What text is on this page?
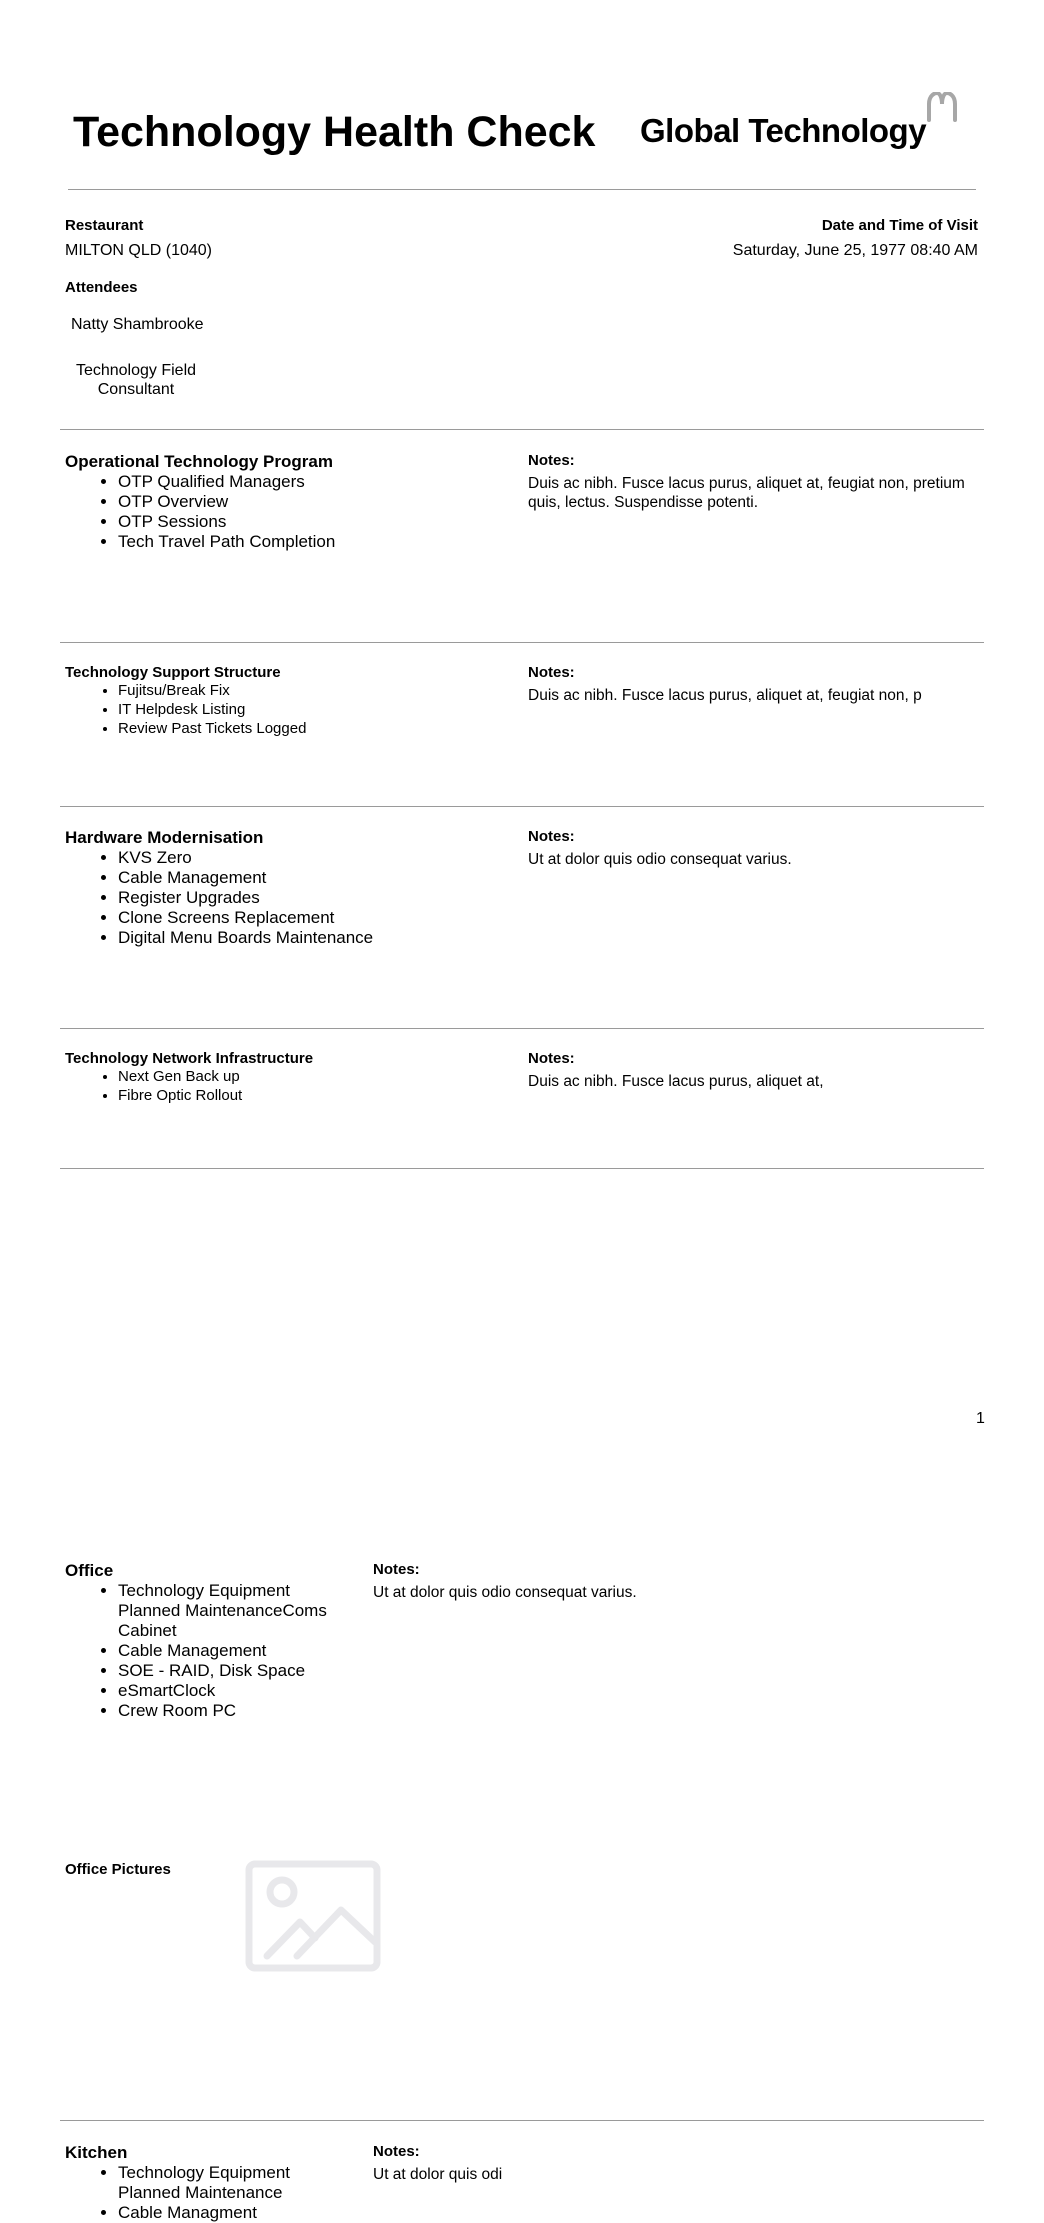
Technology Health Check Global Technology
Restaurant
MILTON QLD (1040)
Date and Time of Visit
Saturday, June 25, 1977 08:40 AM
Attendees
Natty Shambrooke
Technology Field
Consultant
Operational Technology Program
• OTP Qualified Managers
• OTP Overview
• OTP Sessions
• Tech Travel Path Completion
Notes:
Duis ac nibh. Fusce lacus purus, aliquet at, feugiat non, pretium
quis, lectus. Suspendisse potenti.
Technology Support Structure
• Fujitsu/Break Fix
• IT Helpdesk Listing
• Review Past Tickets Logged
Notes:
Duis ac nibh. Fusce lacus purus, aliquet at, feugiat non, p
Hardware Modernisation
• KVS Zero
• Cable Management
• Register Upgrades
• Clone Screens Replacement
• Digital Menu Boards Maintenance
Notes:
Ut at dolor quis odio consequat varius.
Technology Network Infrastructure
• Next Gen Back up
• Fibre Optic Rollout
Notes:
Duis ac nibh. Fusce lacus purus, aliquet at,
1
Office
• Technology Equipment
Planned MaintenanceComs
Cabinet
• Cable Management
• SOE - RAID, Disk Space
• eSmartClock
• Crew Room PC
Notes:
Ut at dolor quis odio consequat varius.
Office Pictures
Kitchen
• Technology Equipment
Planned Maintenance
• Cable Managment
Notes:
Ut at dolor quis odi
